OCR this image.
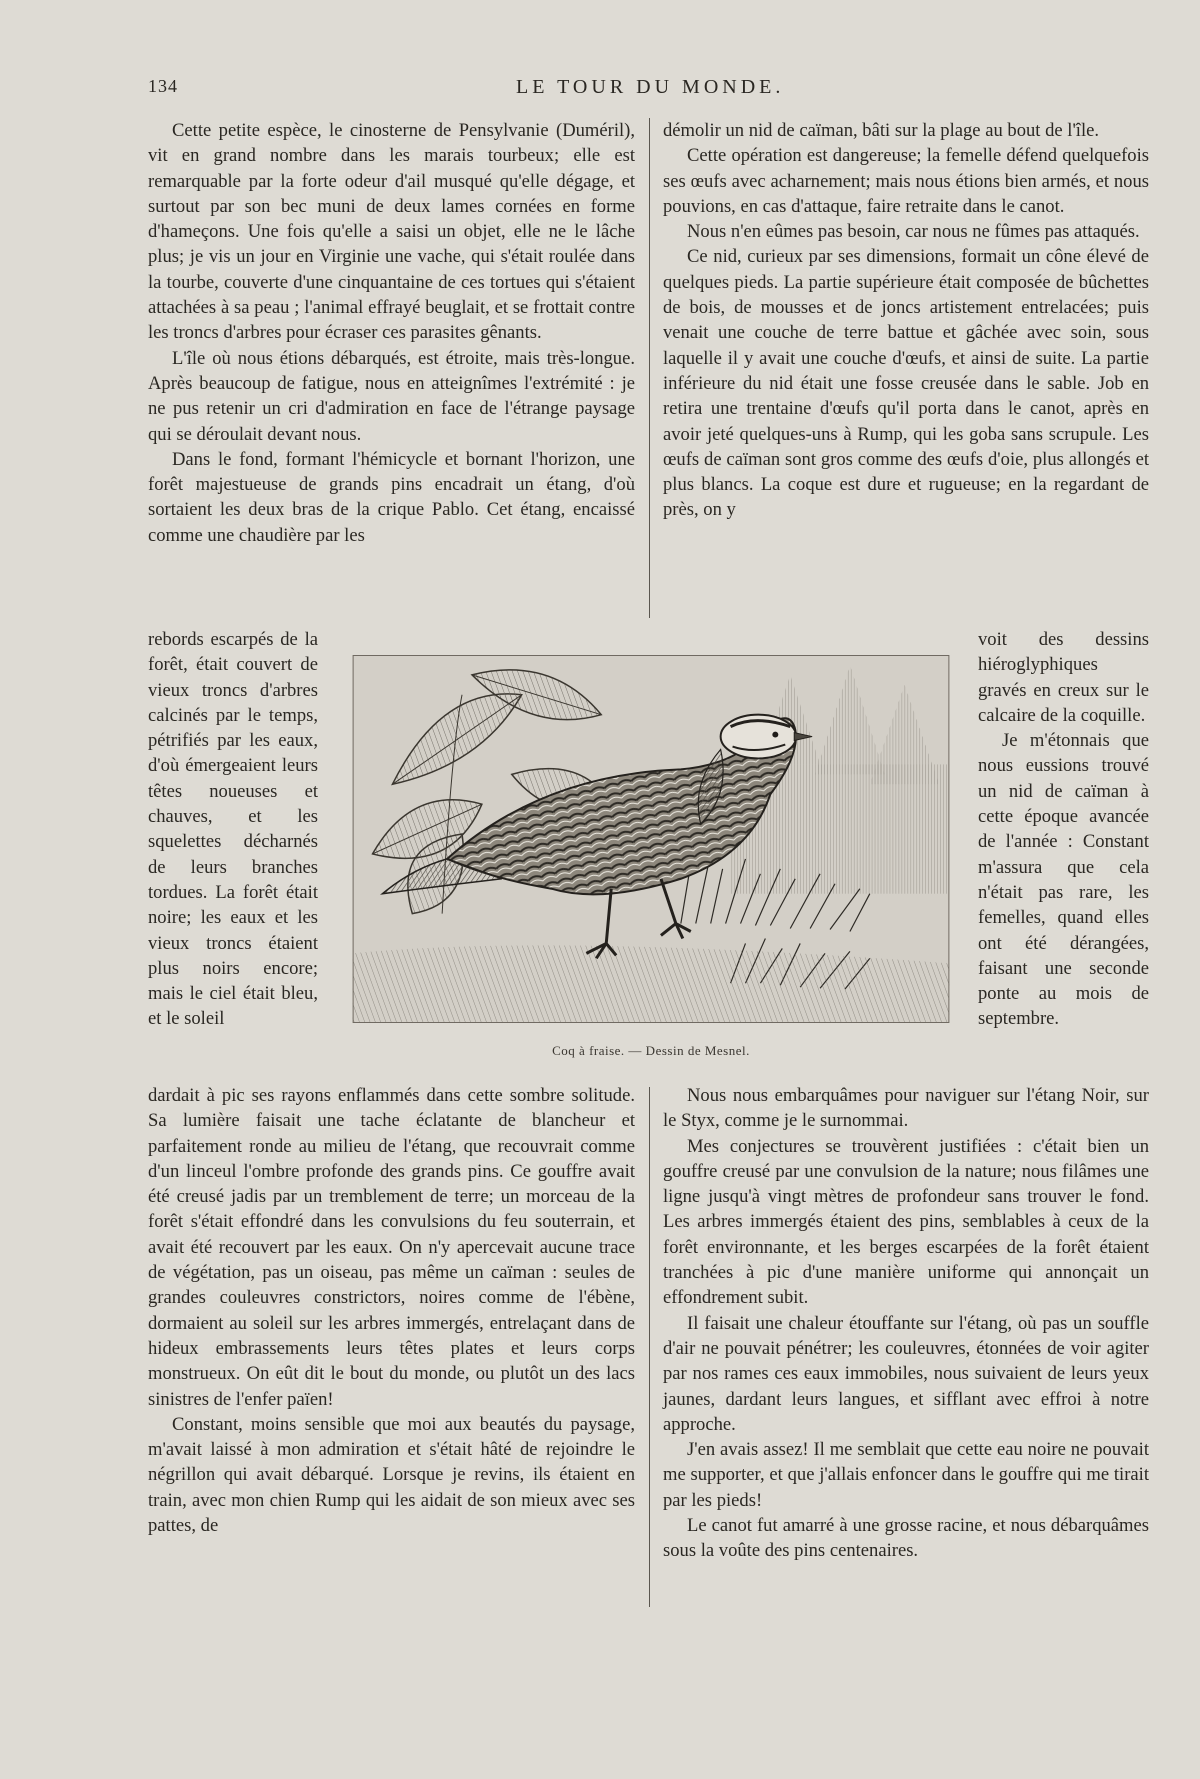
134	LE TOUR DU MONDE.

Cette petite espèce, le cinosterne de Pensylvanie (Duméril), vit en grand nombre dans les marais tourbeux; elle est remarquable par la forte odeur d'ail musqué qu'elle dégage, et surtout par son bec muni de deux lames cornées en forme d'hameçons. Une fois qu'elle a saisi un objet, elle ne le lâche plus; je vis un jour en Virginie une vache, qui s'était roulée dans la tourbe, couverte d'une cinquantaine de ces tortues qui s'étaient attachées à sa peau ; l'animal effrayé beuglait, et se frottait contre les troncs d'arbres pour écraser ces parasites gênants.

L'île où nous étions débarqués, est étroite, mais très-longue. Après beaucoup de fatigue, nous en atteignîmes l'extrémité : je ne pus retenir un cri d'admiration en face de l'étrange paysage qui se déroulait devant nous.

Dans le fond, formant l'hémicycle et bornant l'horizon, une forêt majestueuse de grands pins encadrait un étang, d'où sortaient les deux bras de la crique Pablo. Cet étang, encaissé comme une chaudière par les

rebords escarpés de la forêt, était couvert de vieux troncs d'arbres calcinés par le temps, pétrifiés par les eaux, d'où émergeaient leurs têtes noueuses et chauves, et les squelettes décharnés de leurs branches tordues. La forêt était noire; les eaux et les vieux troncs étaient plus noirs encore; mais le ciel était bleu, et le soleil

dardait à pic ses rayons enflammés dans cette sombre solitude. Sa lumière faisait une tache éclatante de blancheur et parfaitement ronde au milieu de l'étang, que recouvrait comme d'un linceul l'ombre profonde des grands pins. Ce gouffre avait été creusé jadis par un tremblement de terre; un morceau de la forêt s'était effondré dans les convulsions du feu souterrain, et avait été recouvert par les eaux. On n'y apercevait aucune trace de végétation, pas un oiseau, pas même un caïman : seules de grandes couleuvres constrictors, noires comme de l'ébène, dormaient au soleil sur les arbres immergés, entrelaçant dans de hideux embrassements leurs têtes plates et leurs corps monstrueux. On eût dit le bout du monde, ou plutôt un des lacs sinistres de l'enfer païen!

Constant, moins sensible que moi aux beautés du paysage, m'avait laissé à mon admiration et s'était hâté de rejoindre le négrillon qui avait débarqué. Lorsque je revins, ils étaient en train, avec mon chien Rump qui les aidait de son mieux avec ses pattes, de

démolir un nid de caïman, bâti sur la plage au bout de l'île.

Cette opération est dangereuse; la femelle défend quelquefois ses œufs avec acharnement; mais nous étions bien armés, et nous pouvions, en cas d'attaque, faire retraite dans le canot.

Nous n'en eûmes pas besoin, car nous ne fûmes pas attaqués.

Ce nid, curieux par ses dimensions, formait un cône élevé de quelques pieds. La partie supérieure était composée de bûchettes de bois, de mousses et de joncs artistement entrelacées; puis venait une couche de terre battue et gâchée avec soin, sous laquelle il y avait une couche d'œufs, et ainsi de suite. La partie inférieure du nid était une fosse creusée dans le sable. Job en retira une trentaine d'œufs qu'il porta dans le canot, après en avoir jeté quelques-uns à Rump, qui les goba sans scrupule. Les œufs de caïman sont gros comme des œufs d'oie, plus allongés et plus blancs. La coque est dure et rugueuse; en la regardant de près, on y

voit des dessins hiéroglyphiques gravés en creux sur le calcaire de la coquille.

Je m'étonnais que nous eussions trouvé un nid de caïman à cette époque avancée de l'année : Constant m'assura que cela n'était pas rare, les femelles, quand elles ont été dérangées, faisant une seconde ponte au mois de septembre.

Nous nous embarquâmes pour naviguer sur l'étang Noir, sur le Styx, comme je le surnommai.

Mes conjectures se trouvèrent justifiées : c'était bien un gouffre creusé par une convulsion de la nature; nous filâmes une ligne jusqu'à vingt mètres de profondeur sans trouver le fond. Les arbres immergés étaient des pins, semblables à ceux de la forêt environnante, et les berges escarpées de la forêt étaient tranchées à pic d'une manière uniforme qui annonçait un effondrement subit.

Il faisait une chaleur étouffante sur l'étang, où pas un souffle d'air ne pouvait pénétrer; les couleuvres, étonnées de voir agiter par nos rames ces eaux immobiles, nous suivaient de leurs yeux jaunes, dardant leurs langues, et sifflant avec effroi à notre approche.

J'en avais assez! Il me semblait que cette eau noire ne pouvait me supporter, et que j'allais enfoncer dans le gouffre qui me tirait par les pieds!

Le canot fut amarré à une grosse racine, et nous débarquâmes sous la voûte des pins centenaires.

Coq à fraise. — Dessin de Mesnel.
